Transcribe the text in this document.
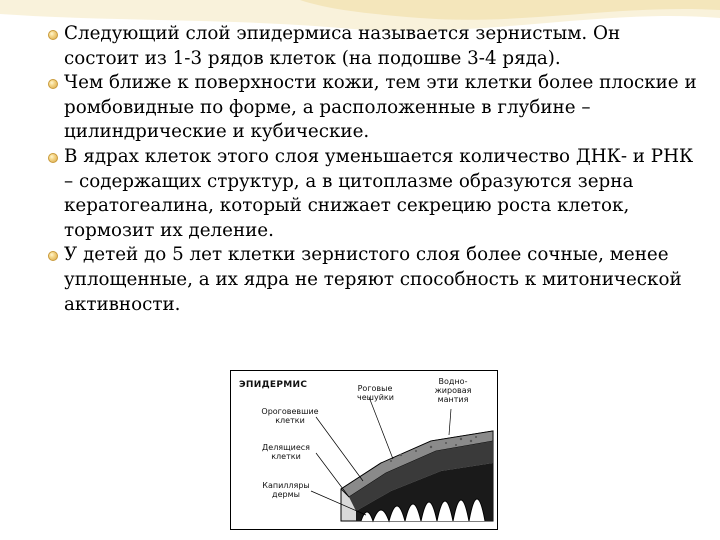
Следующий слой эпидермиса называется зернистым. Он состоит из 1-3 рядов клеток (на подошве 3-4 ряда).
Чем ближе к поверхности кожи, тем эти клетки более плоские и ромбовидные по форме, а расположенные в глубине – цилиндрические и кубические.
В ядрах клеток этого слоя уменьшается количество ДНК- и РНК – содержащих структур, а в цитоплазме образуются зерна кератогеалина, который снижает секрецию роста клеток, тормозит их деление.
У детей до 5 лет клетки зернистого слоя более сочные, менее уплощенные, а их ядра не теряют способность к митонической активности.
ЭПИДЕРМИС	Роговые чешуйки
Водно-жировая мантия
Ороговевшие клетки
Делящиеся клетки
Капилляры дермы
